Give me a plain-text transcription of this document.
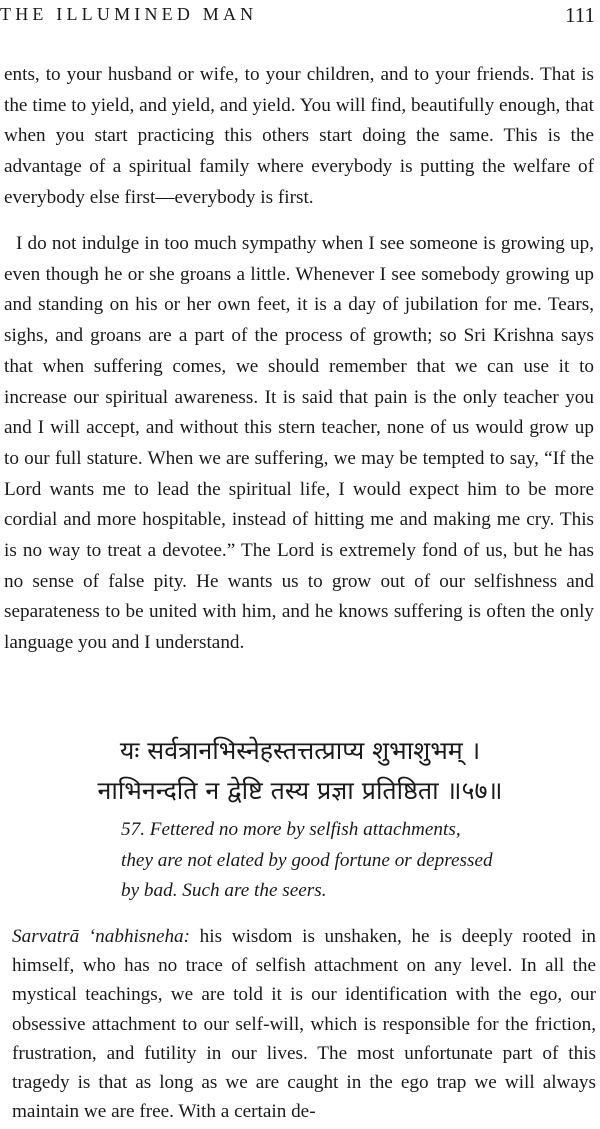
THE ILLUMINED MAN	111

ents, to your husband or wife, to your children, and to your friends. That is the time to yield, and yield, and yield. You will find, beautifully enough, that when you start practicing this others start doing the same. This is the advantage of a spiritual family where everybody is putting the welfare of everybody else first—everybody is first.

I do not indulge in too much sympathy when I see someone is growing up, even though he or she groans a little. Whenever I see somebody growing up and standing on his or her own feet, it is a day of jubilation for me. Tears, sighs, and groans are a part of the process of growth; so Sri Krishna says that when suffering comes, we should remember that we can use it to increase our spiritual awareness. It is said that pain is the only teacher you and I will accept, and without this stern teacher, none of us would grow up to our full stature. When we are suffering, we may be tempted to say, “If the Lord wants me to lead the spiritual life, I would expect him to be more cordial and more hospitable, instead of hitting me and making me cry. This is no way to treat a devotee.” The Lord is extremely fond of us, but he has no sense of false pity. He wants us to grow out of our selfishness and separateness to be united with him, and he knows suffering is often the only language you and I understand.

यः सर्वत्रानभिस्नेहस्तत्तत्प्राप्य शुभाशुभम् ।
नाभिनन्दति न द्वेष्टि तस्य प्रज्ञा प्रतिष्ठिता ॥५७॥
57. Fettered no more by selfish attachments,
they are not elated by good fortune or depressed
by bad. Such are the seers.

Sarvatrā ‘nabhisneha: his wisdom is unshaken, he is deeply rooted in himself, who has no trace of selfish attachment on any level. In all the mystical teachings, we are told it is our identification with the ego, our obsessive attachment to our self-will, which is responsible for the friction, frustration, and futility in our lives. The most unfortunate part of this tragedy is that as long as we are caught in the ego trap we will always maintain we are free. With a certain de-
